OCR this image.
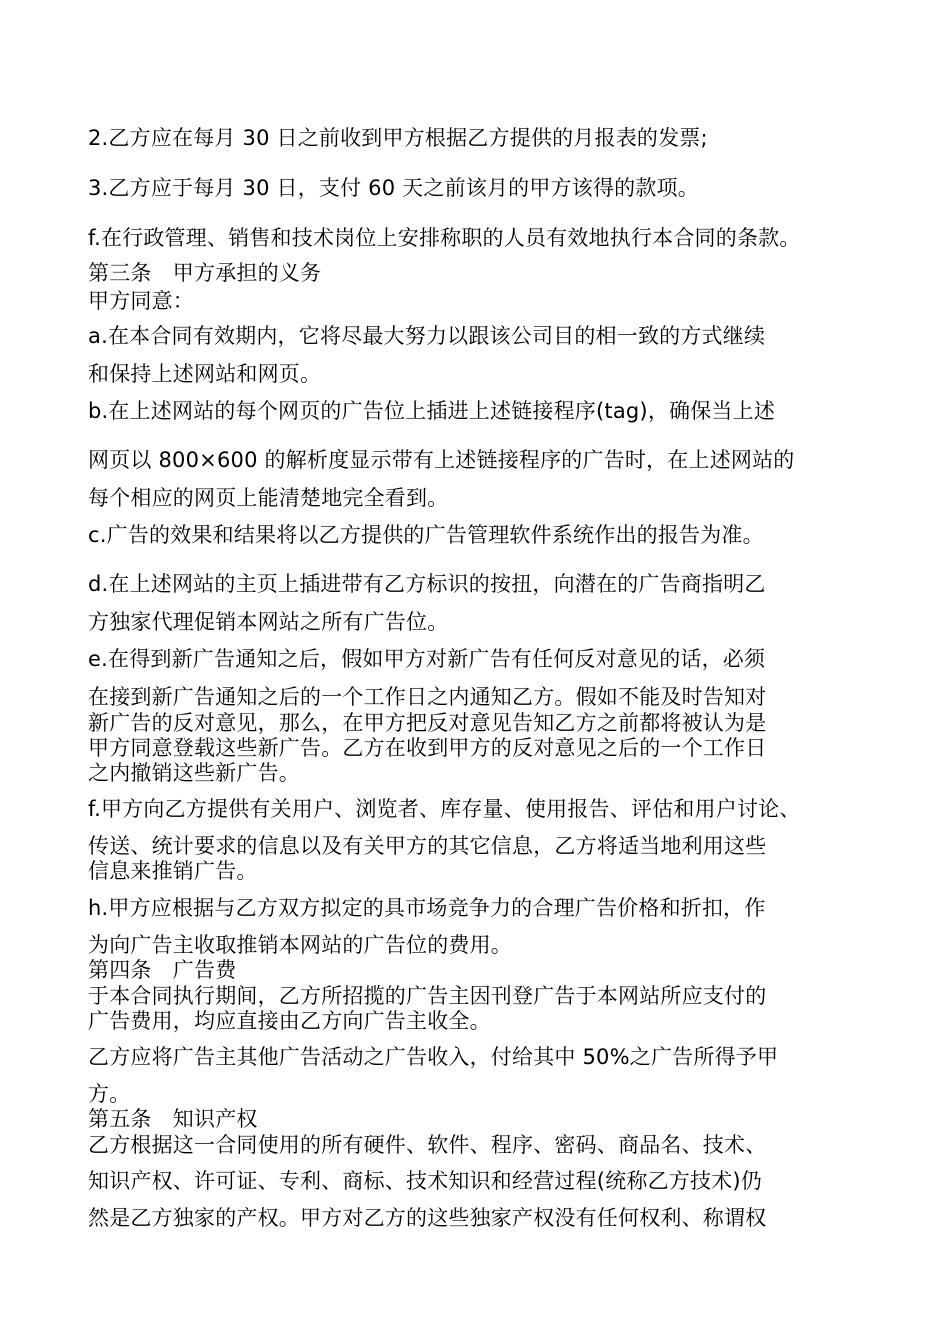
2.乙方应在每月 30 日之前收到甲方根据乙方提供的月报表的发票;
3.乙方应于每月 30 日，支付 60 天之前该月的甲方该得的款项。
f.在行政管理、销售和技术岗位上安排称职的人员有效地执行本合同的条款。
第三条　甲方承担的义务
甲方同意：
a.在本合同有效期内，它将尽最大努力以跟该公司目的相一致的方式继续
和保持上述网站和网页。
b.在上述网站的每个网页的广告位上插进上述链接程序(tag)，确保当上述
网页以 800×600 的解析度显示带有上述链接程序的广告时，在上述网站的
每个相应的网页上能清楚地完全看到。
c.广告的效果和结果将以乙方提供的广告管理软件系统作出的报告为准。
d.在上述网站的主页上插进带有乙方标识的按扭，向潜在的广告商指明乙
方独家代理促销本网站之所有广告位。
e.在得到新广告通知之后，假如甲方对新广告有任何反对意见的话，必须
在接到新广告通知之后的一个工作日之内通知乙方。假如不能及时告知对
新广告的反对意见，那么，在甲方把反对意见告知乙方之前都将被认为是
甲方同意登载这些新广告。乙方在收到甲方的反对意见之后的一个工作日
之内撤销这些新广告。
f.甲方向乙方提供有关用户、浏览者、库存量、使用报告、评估和用户讨论、
传送、统计要求的信息以及有关甲方的其它信息，乙方将适当地利用这些
信息来推销广告。
h.甲方应根据与乙方双方拟定的具市场竞争力的合理广告价格和折扣，作
为向广告主收取推销本网站的广告位的费用。
第四条　广告费
于本合同执行期间，乙方所招揽的广告主因刊登广告于本网站所应支付的
广告费用，均应直接由乙方向广告主收全。
乙方应将广告主其他广告活动之广告收入，付给其中 50%之广告所得予甲
方。
第五条　知识产权
乙方根据这一合同使用的所有硬件、软件、程序、密码、商品名、技术、
知识产权、许可证、专利、商标、技术知识和经营过程(统称乙方技术)仍
然是乙方独家的产权。甲方对乙方的这些独家产权没有任何权利、称谓权
